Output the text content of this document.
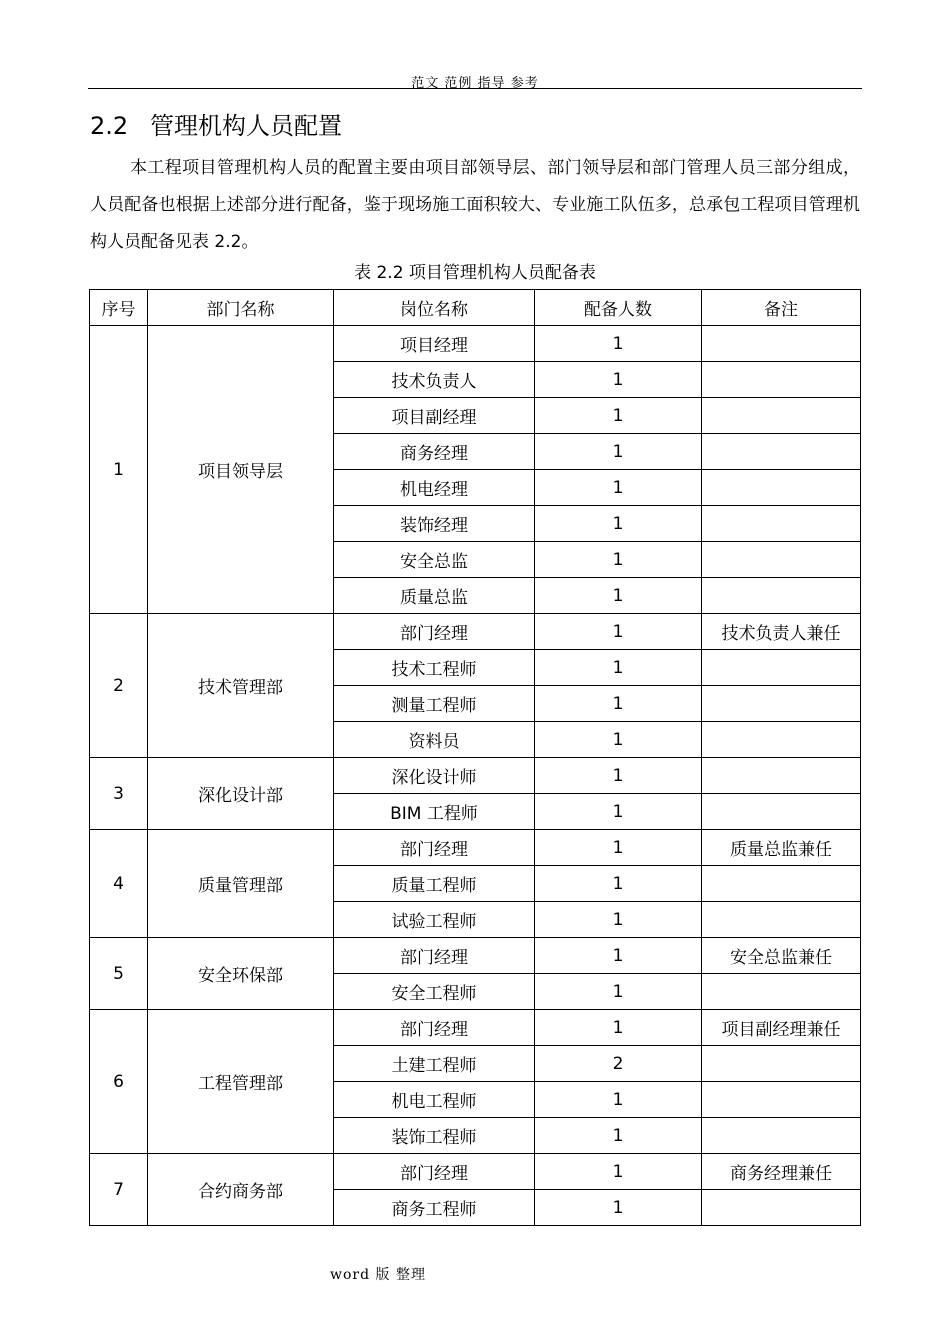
范文 范例 指导 参考
2.2 管理机构人员配置
本工程项目管理机构人员的配置主要由项目部领导层、部门领导层和部门管理人员三部分组成，人员配备也根据上述部分进行配备，鉴于现场施工面积较大、专业施工队伍多，总承包工程项目管理机构人员配备见表 2.2。
表 2.2 项目管理机构人员配备表
序号	部门名称	岗位名称	配备人数	备注
1	项目领导层	项目经理	1	
		技术负责人	1	
		项目副经理	1	
		商务经理	1	
		机电经理	1	
		装饰经理	1	
		安全总监	1	
		质量总监	1	
2	技术管理部	部门经理	1	技术负责人兼任
		技术工程师	1	
		测量工程师	1	
		资料员	1	
3	深化设计部	深化设计师	1	
		BIM 工程师	1	
4	质量管理部	部门经理	1	质量总监兼任
		质量工程师	1	
		试验工程师	1	
5	安全环保部	部门经理	1	安全总监兼任
		安全工程师	1	
6	工程管理部	部门经理	1	项目副经理兼任
		土建工程师	2	
		机电工程师	1	
		装饰工程师	1	
7	合约商务部	部门经理	1	商务经理兼任
		商务工程师	1	
word 版 整理
